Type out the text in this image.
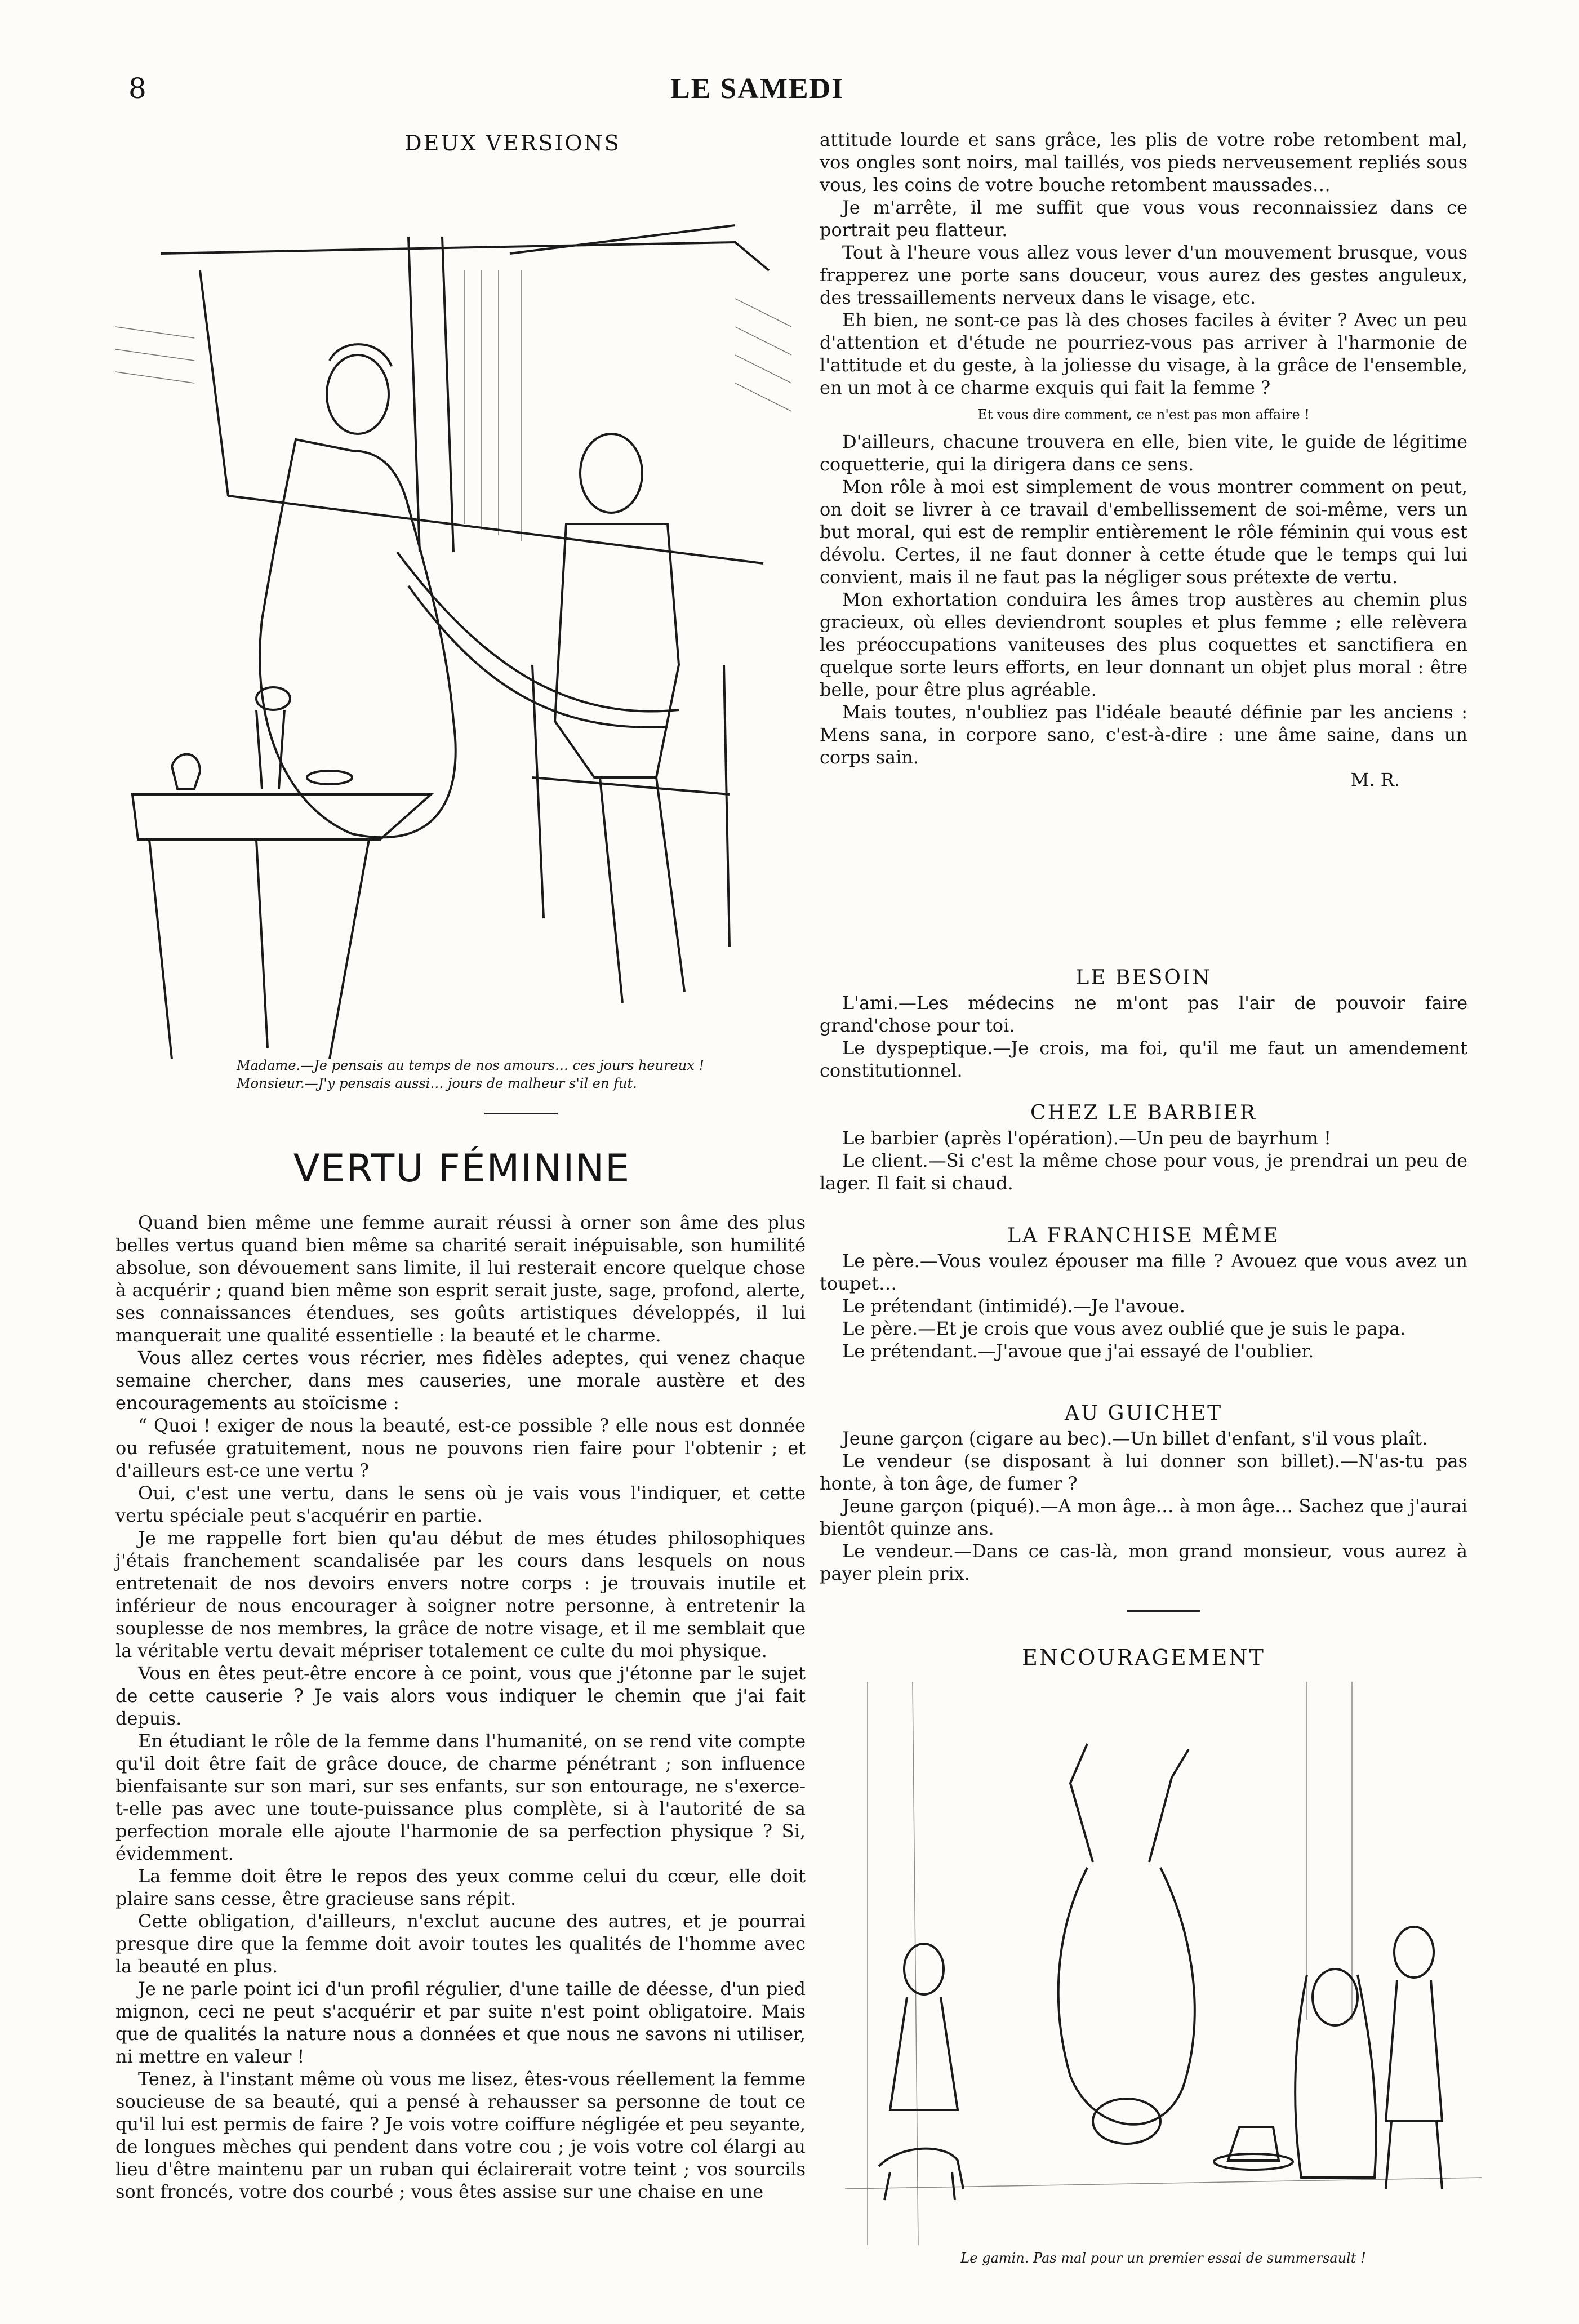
8	LE SAMEDI
DEUX VERSIONS
Madame.—Je pensais au temps de nos amours… ces jours heureux !
Monsieur.—J'y pensais aussi… jours de malheur s'il en fut.
VERTU FÉMININE

Quand bien même une femme aurait réussi à orner son âme des plus belles vertus quand bien même sa charité serait inépuisable, son humilité absolue, son dévouement sans limite, il lui resterait encore quelque chose à acquérir ; quand bien même son esprit serait juste, sage, profond, alerte, ses connaissances étendues, ses goûts artistiques développés, il lui manquerait une qualité essentielle : la beauté et le charme.

Vous allez certes vous récrier, mes fidèles adeptes, qui venez chaque semaine chercher, dans mes causeries, une morale austère et des encouragements au stoïcisme :

“ Quoi ! exiger de nous la beauté, est-ce possible ? elle nous est donnée ou refusée gratuitement, nous ne pouvons rien faire pour l'obtenir ; et d'ailleurs est-ce une vertu ?

Oui, c'est une vertu, dans le sens où je vais vous l'indiquer, et cette vertu spéciale peut s'acquérir en partie.

Je me rappelle fort bien qu'au début de mes études philosophiques j'étais franchement scandalisée par les cours dans lesquels on nous entretenait de nos devoirs envers notre corps : je trouvais inutile et inférieur de nous encourager à soigner notre personne, à entretenir la souplesse de nos membres, la grâce de notre visage, et il me semblait que la véritable vertu devait mépriser totalement ce culte du moi physique.

Vous en êtes peut-être encore à ce point, vous que j'étonne par le sujet de cette causerie ? Je vais alors vous indiquer le chemin que j'ai fait depuis.

En étudiant le rôle de la femme dans l'humanité, on se rend vite compte qu'il doit être fait de grâce douce, de charme pénétrant ; son influence bienfaisante sur son mari, sur ses enfants, sur son entourage, ne s'exerce-t-elle pas avec une toute-puissance plus complète, si à l'autorité de sa perfection morale elle ajoute l'harmonie de sa perfection physique ? Si, évidemment.

La femme doit être le repos des yeux comme celui du cœur, elle doit plaire sans cesse, être gracieuse sans répit.

Cette obligation, d'ailleurs, n'exclut aucune des autres, et je pourrai presque dire que la femme doit avoir toutes les qualités de l'homme avec la beauté en plus.

Je ne parle point ici d'un profil régulier, d'une taille de déesse, d'un pied mignon, ceci ne peut s'acquérir et par suite n'est point obligatoire. Mais que de qualités la nature nous a données et que nous ne savons ni utiliser, ni mettre en valeur !

Tenez, à l'instant même où vous me lisez, êtes-vous réellement la femme soucieuse de sa beauté, qui a pensé à rehausser sa personne de tout ce qu'il lui est permis de faire ? Je vois votre coiffure négligée et peu seyante, de longues mèches qui pendent dans votre cou ; je vois votre col élargi au lieu d'être maintenu par un ruban qui éclairerait votre teint ; vos sourcils sont froncés, votre dos courbé ; vous êtes assise sur une chaise en une

attitude lourde et sans grâce, les plis de votre robe retombent mal, vos ongles sont noirs, mal taillés, vos pieds nerveusement repliés sous vous, les coins de votre bouche retombent maussades…

Je m'arrête, il me suffit que vous vous reconnaissiez dans ce portrait peu flatteur.

Tout à l'heure vous allez vous lever d'un mouvement brusque, vous frapperez une porte sans douceur, vous aurez des gestes anguleux, des tressaillements nerveux dans le visage, etc.

Eh bien, ne sont-ce pas là des choses faciles à éviter ? Avec un peu d'attention et d'étude ne pourriez-vous pas arriver à l'harmonie de l'attitude et du geste, à la joliesse du visage, à la grâce de l'ensemble, en un mot à ce charme exquis qui fait la femme ?

Et vous dire comment, ce n'est pas mon affaire !

D'ailleurs, chacune trouvera en elle, bien vite, le guide de légitime coquetterie, qui la dirigera dans ce sens.

Mon rôle à moi est simplement de vous montrer comment on peut, on doit se livrer à ce travail d'embellissement de soi-même, vers un but moral, qui est de remplir entièrement le rôle féminin qui vous est dévolu. Certes, il ne faut donner à cette étude que le temps qui lui convient, mais il ne faut pas la négliger sous prétexte de vertu.

Mon exhortation conduira les âmes trop austères au chemin plus gracieux, où elles deviendront souples et plus femme ; elle relèvera les préoccupations vaniteuses des plus coquettes et sanctifiera en quelque sorte leurs efforts, en leur donnant un objet plus moral : être belle, pour être plus agréable.

Mais toutes, n'oubliez pas l'idéale beauté définie par les anciens : Mens sana, in corpore sano, c'est-à-dire : une âme saine, dans un corps sain.

M. R.

LE BESOIN

L'ami.—Les médecins ne m'ont pas l'air de pouvoir faire grand'chose pour toi.

Le dyspeptique.—Je crois, ma foi, qu'il me faut un amendement constitutionnel.

CHEZ LE BARBIER

Le barbier (après l'opération).—Un peu de bayrhum !

Le client.—Si c'est la même chose pour vous, je prendrai un peu de lager. Il fait si chaud.

LA FRANCHISE MÊME

Le père.—Vous voulez épouser ma fille ? Avouez que vous avez un toupet…

Le prétendant (intimidé).—Je l'avoue.

Le père.—Et je crois que vous avez oublié que je suis le papa.

Le prétendant.—J'avoue que j'ai essayé de l'oublier.

AU GUICHET

Jeune garçon (cigare au bec).—Un billet d'enfant, s'il vous plaît.

Le vendeur (se disposant à lui donner son billet).—N'as-tu pas honte, à ton âge, de fumer ?

Jeune garçon (piqué).—A mon âge… à mon âge… Sachez que j'aurai bientôt quinze ans.

Le vendeur.—Dans ce cas-là, mon grand monsieur, vous aurez à payer plein prix.

ENCOURAGEMENT
Le gamin. Pas mal pour un premier essai de summersault !
